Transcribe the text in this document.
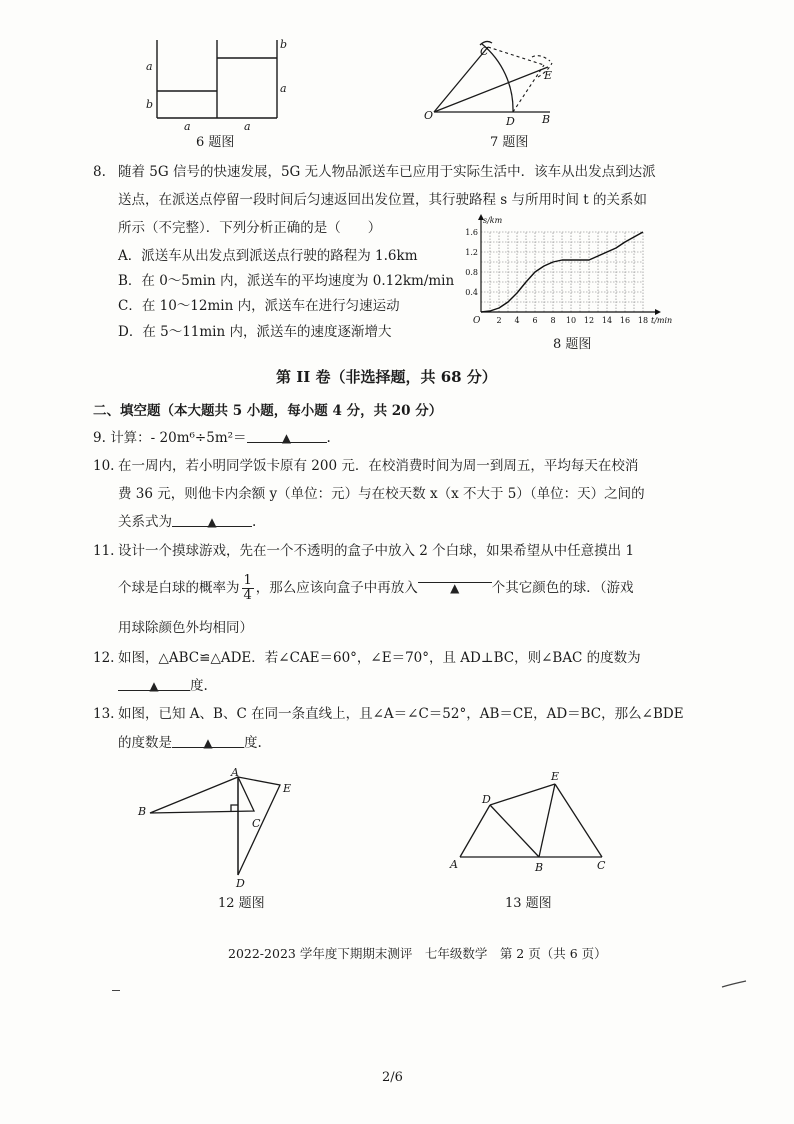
a
b
b
a
a	a
6 题图
C
E
O	D B
7 题图
8. 随着 5G 信号的快速发展，5G 无人物品派送车已应用于实际生活中．该车从出发点到达派
送点，在派送点停留一段时间后匀速返回出发位置，其行驶路程 s 与所用时间 t 的关系如
所示（不完整）．下列分析正确的是（　　）
A．派送车从出发点到派送点行驶的路程为 1.6km
B．在 0～5min 内，派送车的平均速度为 0.12km/min
C．在 10～12min 内，派送车在进行匀速运动
D．在 5～11min 内，派送车的速度逐渐增大
2 4 6 8 10 12 14 16 18
0.4
0.8
1.2
1.6
O
s/km
t/min
8 题图
第 II 卷（非选择题，共 68 分）
二、填空题（本大题共 5 小题，每小题 4 分，共 20 分）
9. 计算：- 20m⁶÷5m²＝	▲	.
10. 在一周内，若小明同学饭卡原有 200 元．在校消费时间为周一到周五，平均每天在校消
费 36 元，则他卡内余额 y（单位：元）与在校天数 x（x 不大于 5）（单位：天）之间的
关系式为	▲	.
11. 设计一个摸球游戏，先在一个不透明的盒子中放入 2 个白球，如果希望从中任意摸出 1
个球是白球的概率为 $\frac{1}{4}$ ，那么应该向盒子中再放入	▲ 个其它颜色的球．（游戏
用球除颜色外均相同）
12. 如图，△ABC≌△ADE．若∠CAE＝60°，∠E＝70°，且 AD⊥BC，则∠BAC 的度数为
▲ 度.
13. 如图，已知 A、B、C 在同一条直线上，且∠A＝∠C＝52°，AB＝CE，AD＝BC，那么∠BDE
的度数是	▲ 度.
A
B
C
E
D
12 题图
A	B	C
D
E
13 题图
2022-2023 学年度下期期末测评　七年级数学　第 2 页（共 6 页）
2/6
